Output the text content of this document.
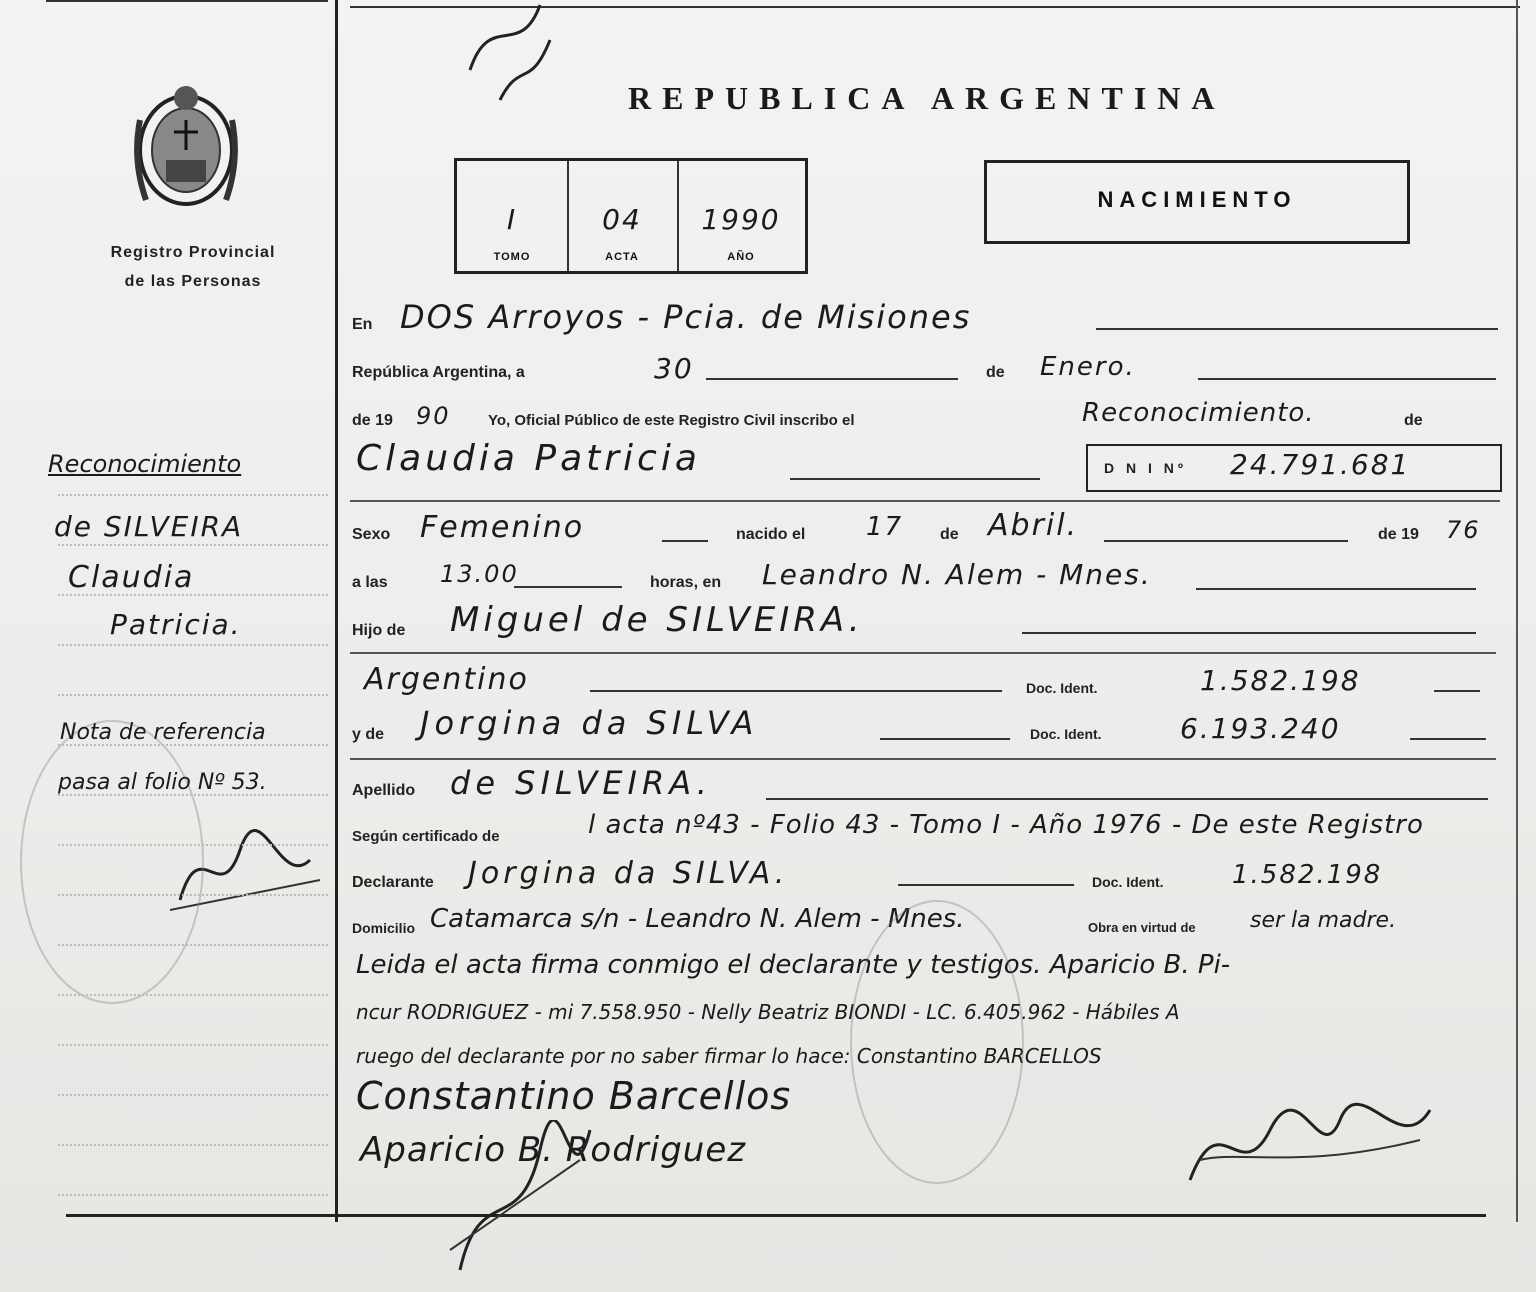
Registro Provincial
de las Personas
REPUBLICA ARGENTINA
I
TOMO
04
ACTA
1990
AÑO
NACIMIENTO
En DOS Arroyos - Pcia. de Misiones
República Argentina, a	30	de Enero.
de 19 90 Yo, Oficial Público de este Registro Civil inscribo el	Reconocimiento.	de
Claudia Patricia	D N I Nº 24.791.681
Sexo Femenino	nacido el 17 de Abril.	de 19 76
a las 13.00	horas, en Leandro N. Alem - Mnes.
Hijo de Miguel de SILVEIRA.
Argentino	Doc. Ident.	1.582.198
y de Jorgina da SILVA	Doc. Ident.	6.193.240
Apellido de SILVEIRA.
Según certificado de	l acta nº43 - Folio 43 - Tomo I - Año 1976 - De este Registro
Declarante Jorgina da SILVA.	Doc. Ident.	1.582.198
Domicilio Catamarca s/n - Leandro N. Alem - Mnes.	Obra en virtud de ser la madre.
Leida el acta firma conmigo el declarante y testigos. Aparicio B. Pi-
ncur RODRIGUEZ - mi 7.558.950 - Nelly Beatriz BIONDI - LC. 6.405.962 - Hábiles A
ruego del declarante por no saber firmar lo hace: Constantino BARCELLOS
Constantino Barcellos
Aparicio B. Rodriguez
Reconocimiento
de SILVEIRA
Claudia
Patricia.
Nota de referencia
pasa al folio Nº 53.
